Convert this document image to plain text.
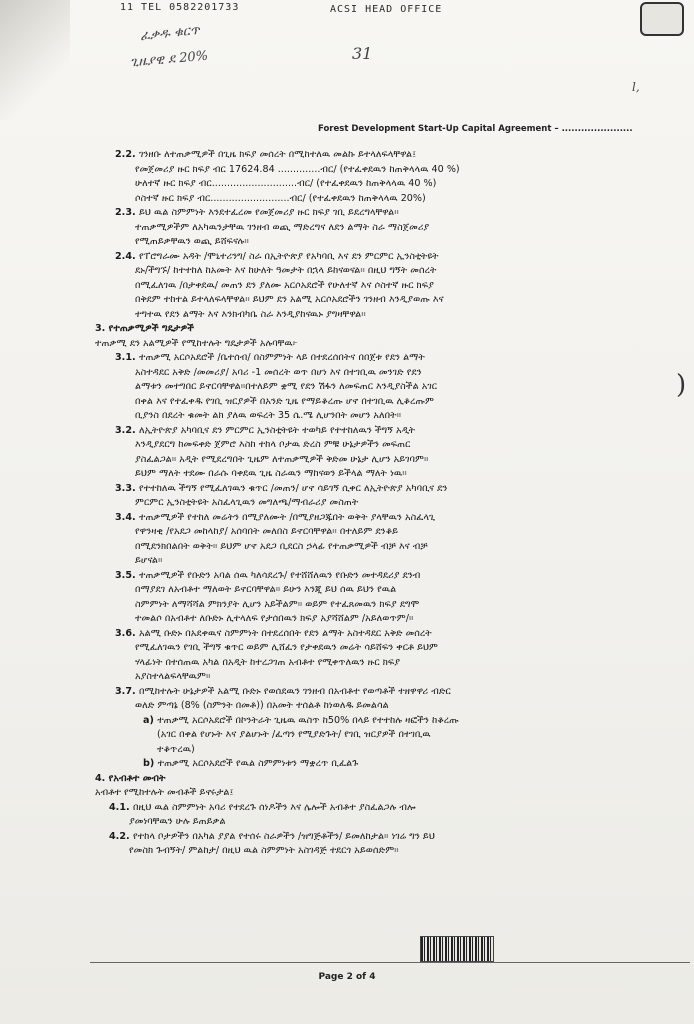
11 TEL 0582201733	ACSI HEAD OFFICE
ፈቃዱ ቁርጥ
ጊዜያዊ ደ 20%	31
l,
Forest Development Start-Up Capital Agreement – ......................
2.2. ገንዘቡ ለተጠቃሚዎች በጊዜ ክፍያ መሰረት በሚከተለዉ መልኩ ይተላለፍላቸዋል፤
የመጀመሪያ ዙር ክፍያ ብር 17624.84 ..............ብር/ (የተፈቀደዉን ከጠቅላላዉ 40 %)
ሁለተኛ ዙር ክፍያ ብር............................ብር/ (የተፈቀደዉን ከጠቅላላዉ 40 %)
ሶስተኛ ዙር ክፍያ ብር..........................ብር/ (የተፈቀደዉን ከጠቅላላዉ 20%)
2.3. ይህ ዉል ስምምነት እንደተፈረመ የመጀመሪያ ዙር ክፍያ ገቢ ይደረግላቸዋል።
ተጠቃሚዎችም ለአካዉንታቸዉ ገንዘብ ወጪ ማድረግና ለደን ልማት ስራ ማስጀመሪያ
የሚጠይቃቸዉን ወጪ ይሸፍናሉ።
2.4. የፐሮግራሙ አዳት /ሞኒተሪንግ/ ስራ በኢትዮጵያ የአካባቢ እና ደን ምርምር ኢንስቲትዩት
ደኑ/ችግኙ/ ከተተከለ ከአመት እና ከሁለት ዓመታት በኋላ ይከናወናል። በዚህ ግኝት መሰረት
በሚፈለገዉ /በታቀደዉ/ መጠን ደን ያለሙ አርሶአደሮች የሁለተኛ እና ሶስተኛ ዙር ክፍያ
በቅደም ተከተል ይተላለፍላቸዋል። ይህም ደን አልሚ አርሶአደሮችን ገንዘብ እንዲያወጡ እና
ተግተዉ የደን ልማት እና እንክብካቤ ስራ እንዲያከናዉኑ ያግዛቸዋል።
3. የተጠቃሚዎች ግዴታዎች
ተጠቃሚ ደን አልሚዎች የሚከተሉት ግዴታዎች አሉባቸዉ፦
3.1. ተጠቃሚ አርሶአደሮች /ቤተሰብ/ በስምምነት ላይ በተደረሰበትና በበጀቱ የደን ልማት
አስተዳደር አቅድ /መመሪያ/ አባሪ -1 መሰረት ወጥ በሆነ እና በተገቢዉ መንገድ የደን
ልማቱን መተግበር ይኖርባቸዋል።በተለይም ቋሚ የደን ሽፋን ለመፍጠር እንዲያስችል አገር
በቀል እና የተፈቀዱ የገቢ ዝርያዎች በአንድ ጊዜ የማይቆረጡ ሆኖ በተገቢዉ ሊቆረጡም
ቢያንስ በደረት ቁመት ልክ ያለዉ ወፍረት 35 ሴ.ሜ ሊሆንበት መሆን አለበት።
3.2. ለኢትዮጵያ አካባቢና ደን ምርምር ኢንስቲትዩት ተወካይ የተተከለዉን ችግኝ አዲት
እንዲያደርግ ከመፍቀድ ጀምሮ እስከ ተከላ ቦታዉ ድረስ ምቹ ሁኔታዎችን መፍጠር
ያስፈልጋል። አዲት የሚደረግበት ጊዜም ለተጠቃሚዎች ቅድመ ሁኔታ ሊሆን አይገባም።
ይህም ማለት ተደሙ በራሱ ባቀደዉ ጊዜ ስራዉን ማከናወን ይችላል ማለት ነዉ።
3.3. የተተከለዉ ችግኝ የሚፈለገዉን ቁጥር /መጠን/ ሆኖ ሳይገኝ ሲቀር ለኢትዮጵያ አካባቢና ደን
ምርምር ኢንስቲትዩት አስፈላጊዉን መግለጫ/ማብራሪያ መስጠት
3.4. ተጠቃሚዎች የተከለ መሬትን በሚያለሙት /በሚያዘጋጁበት ወቅት ያላቸዉን አስፈላጊ
የዋንዛቂ /የአደጋ መከላከያ/ አሰባበት መለበስ ይኖርባቸዋል። በተለይም ደንቆይ
በሚደንክበልበት ወቅት። ይህም ሆኖ አደጋ ቢደርስ ኃላፊ የተጠቃሚዎች ብቻ እና ብቻ
ይሆናል።
3.5. ተጠቃሚዎች የቡድን አባል ሰዉ ካለሳደረጉ/ የተሸሸለዉን የቡድን መተዳደሪያ ደንብ
በማያደገ ለአብቶተ ማለወት ይኖርባቸዋል። ይሁን እንጂ ይህ ሰዉ ይህን የዉል
ስምምነት ለማሻሻል ምክንያት ሊሆን አይችልም። ወይም የተፈጸመዉን ክፍያ ደግሞ
ተመልሶ በአብቶተ ለቡድኑ ሊተላለፍ የታሰበዉን ክፍያ አያሻሸልም /አይለወጥም/።
3.6. አልሚ ቡድኑ በአደቀዉና ስምምነት በተደረሰበት የደን ልማት አስተዳደር አቅድ መሰረት
የሚፈለገዉን የገቢ ችግኝ ቁጥር ወይም ሊሸፈን የታቀደዉን መሬት ሳይሸፍን ቀርቶ ይህም
ሃላፊነት በተሰጠዉ አካል በአዲት ከተረጋገጠ አብቶተ የሚቀጥለዉን ዙር ክፍያ
አያስተላልፍላቸዉም።
3.7. በሚከተሉት ሁኔታዎች አልሚ ቡድኑ የወሰደዉን ገንዘብ በአብቶተ የወጣቶች ተዘዋዋሪ ብድር
ወለድ ምጣኔ (8% (ስምንት በመቶ)) በአመት ተሰልቶ ከነወለዱ ይመልሳል
a) ተጠቃሚ አርሶአደሮች በኮንትራት ጊዜዉ ዉስጥ ከ50% በላይ የተተከሉ ዛፎችን ከቆረጡ
(አገር በቀል የሆኑት እና ያልሆኑት /ፈጣን የሚያድጉት/ የገቢ ዝርያዎች በተገቢዉ
ተቆጥረዉ)
b) ተጠቃሚ አርሶአደሮች የዉል ስምምነቱን ማቋረጥ ቢፈልጉ
4. የአብቶተ መብት
አብቶተ የሚከተሉት መብቶች ይኖሩታል፤
4.1. በዚህ ዉል ስምምነት አባሪ የተደረጉ ሰነዶችን እና ሌሎች አብቶተ ያስፈልጋሉ ብሎ
ያመነባቸዉን ሁሉ ይጠይቃል
4.2. የተከላ ቦታዎችን በአካል ያያል የተሰሩ ስራዎችን /ዝግጅቶችን/ ይመለከታል። ነገሬ ግን ይህ
የመስክ ጉብኝት/ ምልከታ/ በዚህ ዉል ስምምነት አስገዳጅ ተደርጎ አይወሰድም።
)
Page 2 of 4
